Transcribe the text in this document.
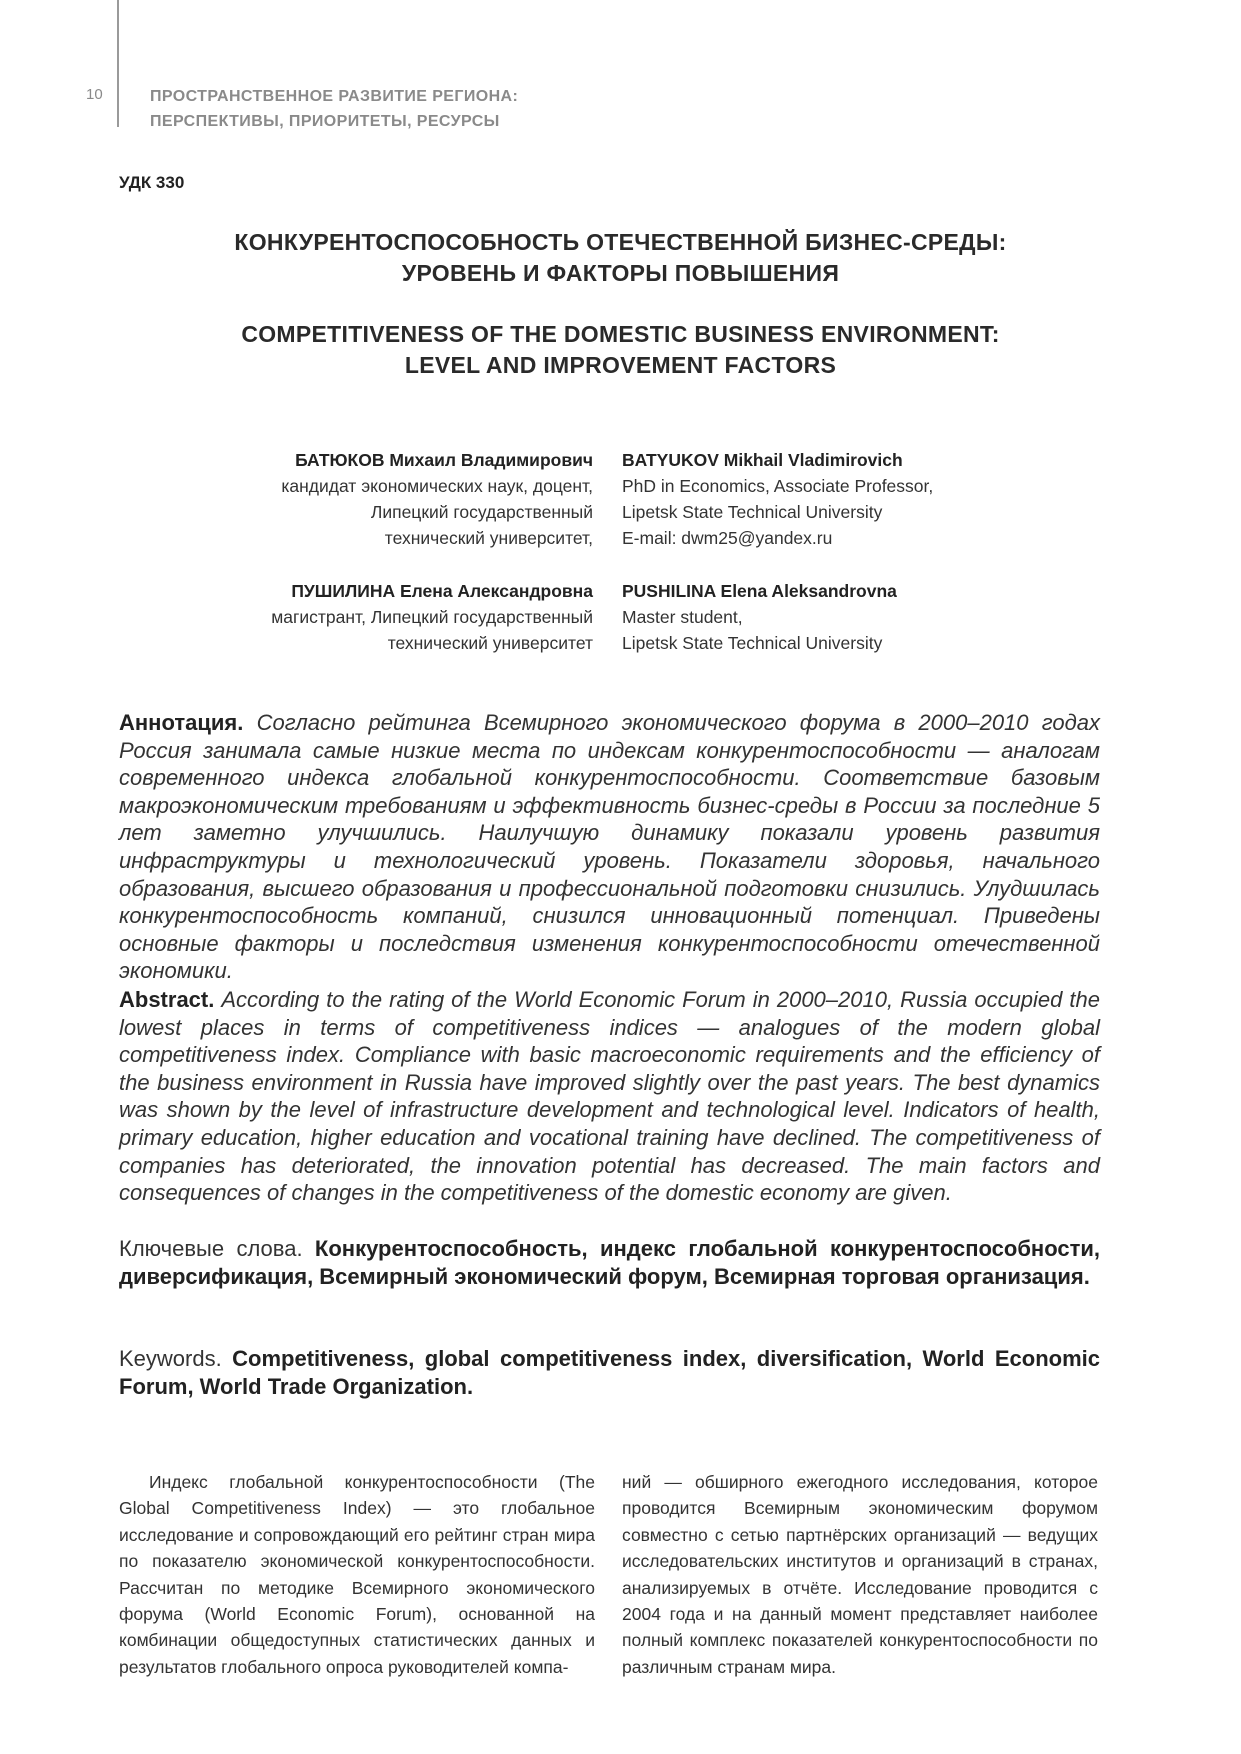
10	ПРОСТРАНСТВЕННОЕ РАЗВИТИЕ РЕГИОНА:
ПЕРСПЕКТИВЫ, ПРИОРИТЕТЫ, РЕСУРСЫ
УДК 330
КОНКУРЕНТОСПОСОБНОСТЬ ОТЕЧЕСТВЕННОЙ БИЗНЕС-СРЕДЫ:
УРОВЕНЬ И ФАКТОРЫ ПОВЫШЕНИЯ
COMPETITIVENESS OF THE DOMESTIC BUSINESS ENVIRONMENT:
LEVEL AND IMPROVEMENT FACTORS
БАТЮКОВ Михаил Владимирович
кандидат экономических наук, доцент,
Липецкий государственный
технический университет,
BATYUKOV Mikhail Vladimirovich
PhD in Economics, Associate Professor,
Lipetsk State Technical University
E-mail: dwm25@yandex.ru
ПУШИЛИНА Елена Александровна
магистрант, Липецкий государственный
технический университет
PUSHILINA Elena Aleksandrovna
Master student,
Lipetsk State Technical University
Аннотация. Согласно рейтинга Всемирного экономического форума в 2000–2010 годах Россия занимала самые низкие места по индексам конкурентоспособности — аналогам современного индекса глобальной конкурентоспособности. Соответствие базовым макроэкономическим требованиям и эффективность бизнес-среды в России за последние 5 лет заметно улучшились. Наилучшую динамику показали уровень развития инфраструктуры и технологический уровень. Показатели здоровья, начального образования, высшего образования и профессиональной подготовки снизились. Улудшилась конкурентоспособность компаний, снизился инновационный потенциал. Приведены основные факторы и последствия изменения конкурентоспособности отечественной экономики.
Abstract. According to the rating of the World Economic Forum in 2000–2010, Russia occupied the lowest places in terms of competitiveness indices — analogues of the modern global competitiveness index. Compliance with basic macroeconomic requirements and the efficiency of the business environment in Russia have improved slightly over the past years. The best dynamics was shown by the level of infrastructure development and technological level. Indicators of health, primary education, higher education and vocational training have declined. The competitiveness of companies has deteriorated, the innovation potential has decreased. The main factors and consequences of changes in the competitiveness of the domestic economy are given.
Ключевые слова. Конкурентоспособность, индекс глобальной конкурентоспособности, диверсификация, Всемирный экономический форум, Всемирная торговая организация.
Keywords. Competitiveness, global competitiveness index, diversification, World Economic Forum, World Trade Organization.
Индекс глобальной конкурентоспособности (The Global Competitiveness Index) — это глобальное исследование и сопровождающий его рейтинг стран мира по показателю экономической конкурентоспособности. Рассчитан по методике Всемирного экономического форума (World Economic Forum), основанной на комбинации общедоступных статистических данных и результатов глобального опроса руководителей компа-
ний — обширного ежегодного исследования, которое проводится Всемирным экономическим форумом совместно с сетью партнёрских организаций — ведущих исследовательских институтов и организаций в странах, анализируемых в отчёте. Исследование проводится с 2004 года и на данный момент представляет наиболее полный комплекс показателей конкурентоспособности по различным странам мира.
